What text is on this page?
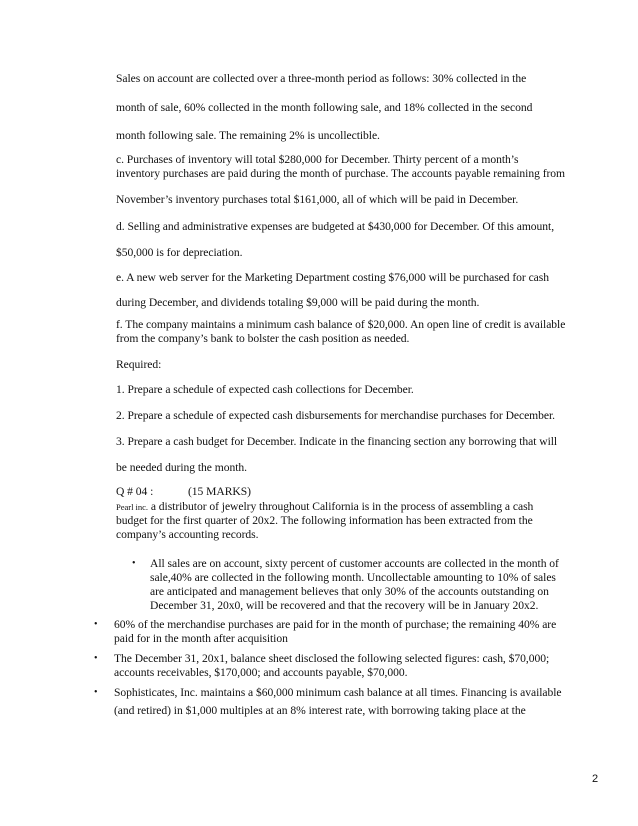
Sales on account are collected over a three-month period as follows: 30% collected in the
month of sale, 60% collected in the month following sale, and 18% collected in the second
month following sale. The remaining 2% is uncollectible.
c. Purchases of inventory will total $280,000 for December. Thirty percent of a month’s
inventory purchases are paid during the month of purchase. The accounts payable remaining from
November’s inventory purchases total $161,000, all of which will be paid in December.
d. Selling and administrative expenses are budgeted at $430,000 for December. Of this amount,
$50,000 is for depreciation.
e. A new web server for the Marketing Department costing $76,000 will be purchased for cash
during December, and dividends totaling $9,000 will be paid during the month.
f. The company maintains a minimum cash balance of $20,000. An open line of credit is available
from the company’s bank to bolster the cash position as needed.
Required:
1. Prepare a schedule of expected cash collections for December.
2. Prepare a schedule of expected cash disbursements for merchandise purchases for December.
3. Prepare a cash budget for December. Indicate in the financing section any borrowing that will
be needed during the month.
Q # 04 :	(15 MARKS)
Pearl inc. a distributor of jewelry throughout California is in the process of assembling a cash
budget for the first quarter of 20x2. The following information has been extracted from the
company’s accounting records.
• All sales are on account, sixty percent of customer accounts are collected in the month of
sale,40% are collected in the following month. Uncollectable amounting to 10% of sales
are anticipated and management believes that only 30% of the accounts outstanding on
December 31, 20x0, will be recovered and that the recovery will be in January 20x2.
• 60% of the merchandise purchases are paid for in the month of purchase; the remaining 40% are
paid for in the month after acquisition
• The December 31, 20x1, balance sheet disclosed the following selected figures: cash, $70,000;
accounts receivables, $170,000; and accounts payable, $70,000.
• Sophisticates, Inc. maintains a $60,000 minimum cash balance at all times. Financing is available
(and retired) in $1,000 multiples at an 8% interest rate, with borrowing taking place at the
2
